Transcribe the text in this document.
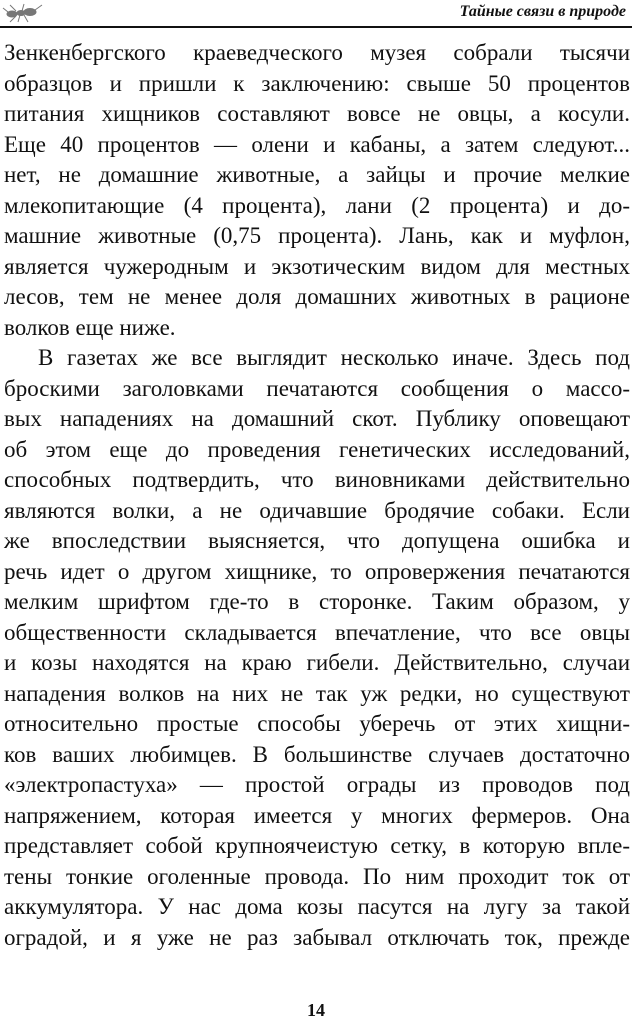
Тайные связи в природе
Зенкенбергского краеведческого музея собрали тысячи
образцов и пришли к заключению: свыше 50 процентов
питания хищников составляют вовсе не овцы, а косули.
Еще 40 процентов — олени и кабаны, а затем следуют...
нет, не домашние животные, а зайцы и прочие мелкие
млекопитающие (4 процента), лани (2 процента) и до-
машние животные (0,75 процента). Лань, как и муфлон,
является чужеродным и экзотическим видом для местных
лесов, тем не менее доля домашних животных в рационе
волков еще ниже.
В газетах же все выглядит несколько иначе. Здесь под
броскими заголовками печатаются сообщения о массо-
вых нападениях на домашний скот. Публику оповещают
об этом еще до проведения генетических исследований,
способных подтвердить, что виновниками действительно
являются волки, а не одичавшие бродячие собаки. Если
же впоследствии выясняется, что допущена ошибка и
речь идет о другом хищнике, то опровержения печатаются
мелким шрифтом где-то в сторонке. Таким образом, у
общественности складывается впечатление, что все овцы
и козы находятся на краю гибели. Действительно, случаи
нападения волков на них не так уж редки, но существуют
относительно простые способы уберечь от этих хищни-
ков ваших любимцев. В большинстве случаев достаточно
«электропастуха» — простой ограды из проводов под
напряжением, которая имеется у многих фермеров. Она
представляет собой крупноячеистую сетку, в которую впле-
тены тонкие оголенные провода. По ним проходит ток от
аккумулятора. У нас дома козы пасутся на лугу за такой
оградой, и я уже не раз забывал отключать ток, прежде
14
